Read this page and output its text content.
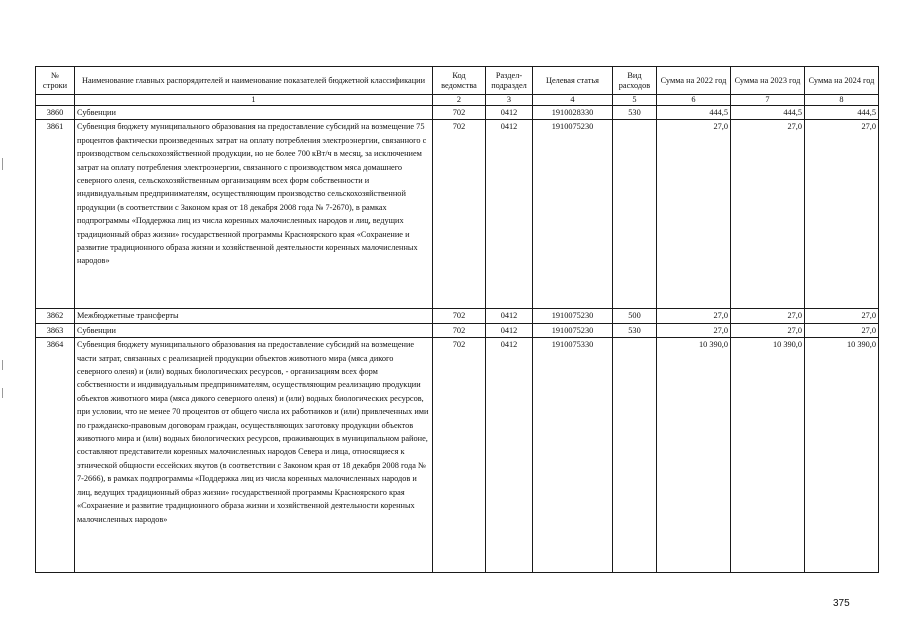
№ строки	Наименование главных распорядителей и наименование показателей бюджетной классификации	Код ведомства	Раздел-подраздел	Целевая статья	Вид расходов	Сумма на 2022 год	Сумма на 2023 год	Сумма на 2024 год
	1	2	3	4	5	6	7	8
3860	Субвенции	702	0412	1910028330	530	444,5	444,5	444,5
3861	Субвенция бюджету муниципального образования на предоставление субсидий на возмещение 75 процентов фактически произведенных затрат на оплату потребления электроэнергии, связанного с производством сельскохозяйственной продукции, но не более 700 кВт/ч в месяц, за исключением затрат на оплату потребления электроэнергии, связанного с производством мяса домашнего северного оленя, сельскохозяйственным организациям всех форм собственности и индивидуальным предпринимателям, осуществляющим производство сельскохозяйственной продукции (в соответствии с Законом края от 18 декабря 2008 года № 7-2670), в рамках подпрограммы «Поддержка лиц из числа коренных малочисленных народов и лиц, ведущих традиционный образ жизни» государственной программы Красноярского края «Сохранение и развитие традиционного образа жизни и хозяйственной деятельности коренных малочисленных народов»	702	0412	1910075230		27,0	27,0	27,0
3862	Межбюджетные трансферты	702	0412	1910075230	500	27,0	27,0	27,0
3863	Субвенции	702	0412	1910075230	530	27,0	27,0	27,0
3864	Субвенция бюджету муниципального образования на предоставление субсидий на возмещение части затрат, связанных с реализацией продукции объектов животного мира (мяса дикого северного оленя) и (или) водных биологических ресурсов, - организациям всех форм собственности и индивидуальным предпринимателям, осуществляющим реализацию продукции объектов животного мира (мяса дикого северного оленя) и (или) водных биологических ресурсов, при условии, что не менее 70 процентов от общего числа их работников и (или) привлеченных ими по гражданско-правовым договорам граждан, осуществляющих заготовку продукции объектов животного мира и (или) водных биологических ресурсов, проживающих в муниципальном районе, составляют представители коренных малочисленных народов Севера и лица, относящиеся к этнической общности ессейских якутов (в соответствии с Законом края от 18 декабря 2008 года № 7-2666), в рамках подпрограммы «Поддержка лиц из числа коренных малочисленных народов и лиц, ведущих традиционный образ жизни» государственной программы Красноярского края «Сохранение и развитие традиционного образа жизни и хозяйственной деятельности коренных малочисленных народов»	702	0412	1910075330		10 390,0	10 390,0	10 390,0
375
